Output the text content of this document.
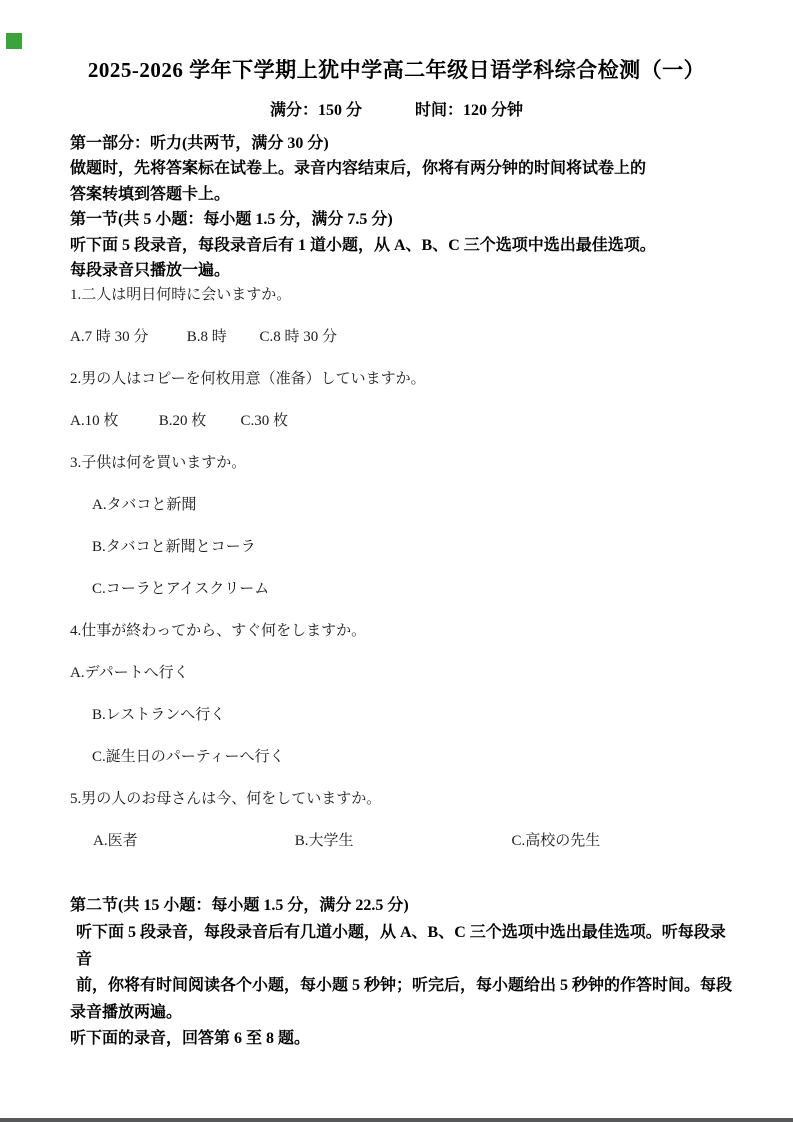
2025-2026 学年下学期上犹中学高二年级日语学科综合检测（一）
满分：150 分	时间：120 分钟
第一部分：听力(共两节，满分 30 分)
做题时，先将答案标在试卷上。录音内容结束后，你将有两分钟的时间将试卷上的
答案转填到答题卡上。
第一节(共 5 小题：每小题 1.5 分，满分 7.5 分)
听下面 5 段录音，每段录音后有 1 道小题，从 A、B、C 三个选项中选出最佳选项。
每段录音只播放一遍。
1.二人は明日何時に会いますか。
A.7 時 30 分	B.8 時 C.8 時 30 分
2.男の人はコピーを何枚用意（准备）していますか。
A.10 枚	B.20 枚 C.30 枚
3.子供は何を買いますか。
A.タバコと新聞
B.タバコと新聞とコーラ
C.コーラとアイスクリーム
4.仕事が終わってから、すぐ何をしますか。
A.デパートへ行く
B.レストランへ行く
C.誕生日のパーティーへ行く
5.男の人のお母さんは今、何をしていますか。
A.医者	B.大学生	C.高校の先生
第二节(共 15 小题：每小题 1.5 分，满分 22.5 分)
听下面 5 段录音，每段录音后有几道小题，从 A、B、C 三个选项中选出最佳选项。听每段录音
前，你将有时间阅读各个小题，每小题 5 秒钟；听完后，每小题给出 5 秒钟的作答时间。每段
录音播放两遍。
听下面的录音，回答第 6 至 8 题。
